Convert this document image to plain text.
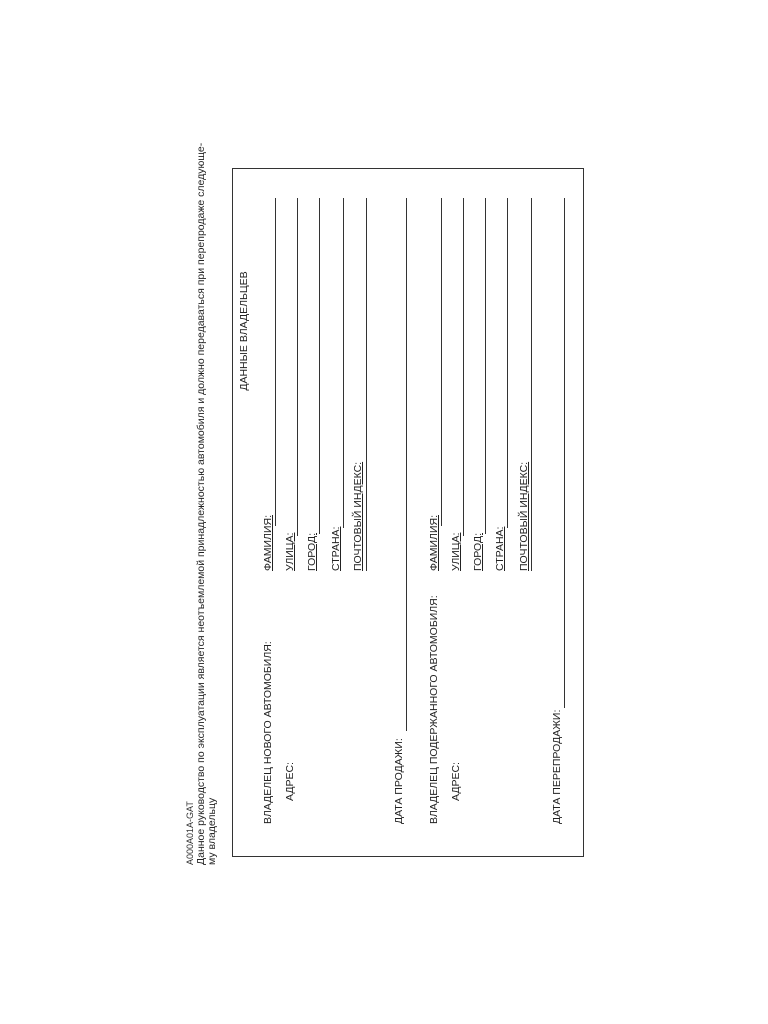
A000A01A-GAT Данное руководство по эксплуатации является неотъемлемой принадлежностью автомобиля и должно передаваться при перепродаже следующе- му владельцу
ДАННЫЕ ВЛАДЕЛЬЦЕВ
ВЛАДЕЛЕЦ НОВОГО АВТОМОБИЛЯ: АДРЕС:
ФАМИЛИЯ: УЛИЦА: ГОРОД: СТРАНА: ПОЧТОВЫЙ ИНДЕКС:
ДАТА ПРОДАЖИ: ВЛАДЕЛЕЦ ПОДЕРЖАННОГО АВТОМОБИЛЯ: АДРЕС:
ФАМИЛИЯ: УЛИЦА: ГОРОД: СТРАНА: ПОЧТОВЫЙ ИНДЕКС:
ДАТА ПЕРЕПРОДАЖИ:
